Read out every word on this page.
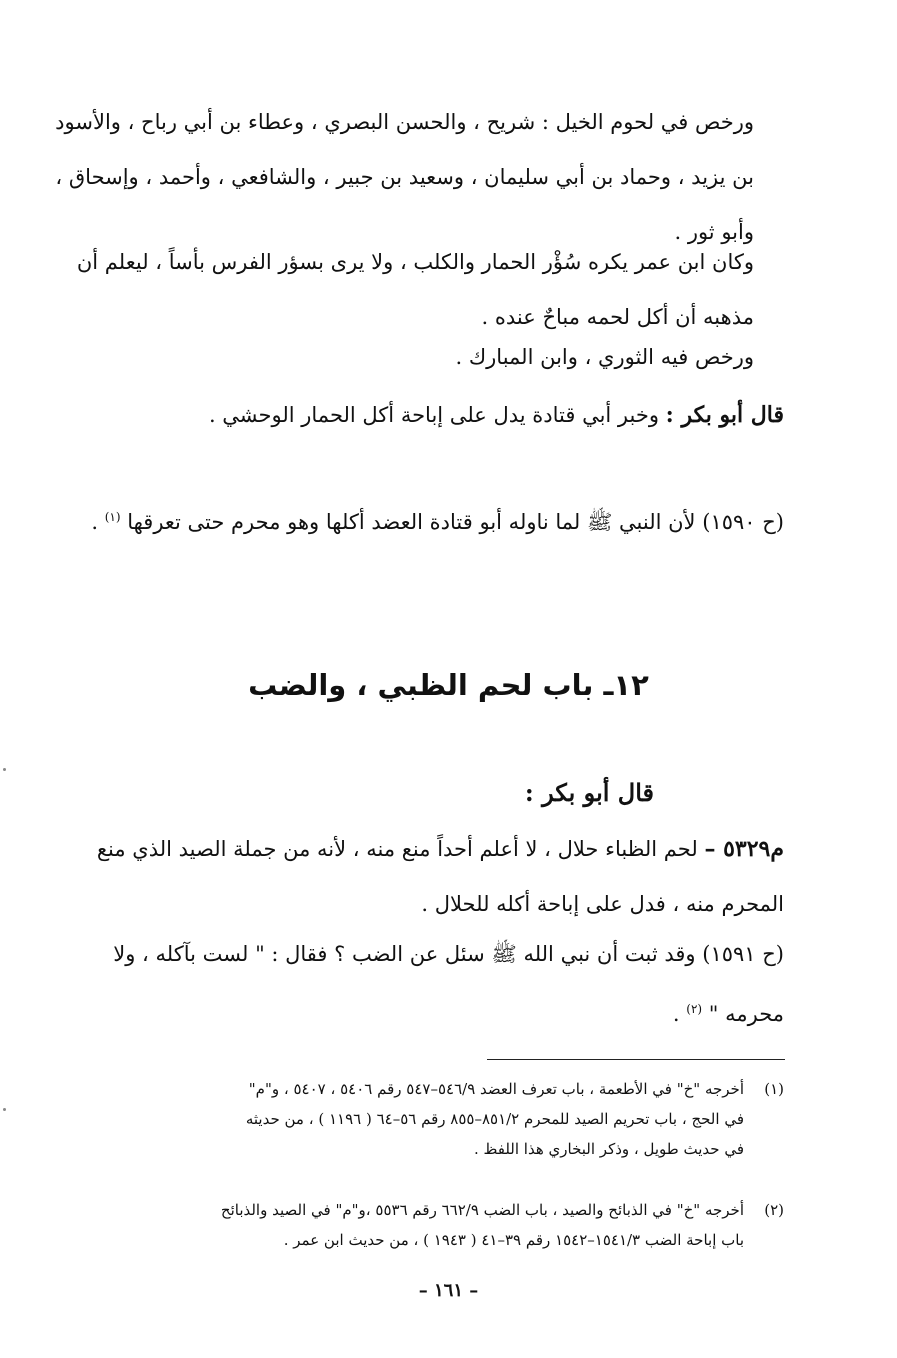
ورخص في لحوم الخيل : شريح ، والحسن البصري ، وعطاء بن أبي رباح ، والأسود بن يزيد ، وحماد بن أبي سليمان ، وسعيد بن جبير ، والشافعي ، وأحمد ، وإسحاق ، وأبو ثور .

وكان ابن عمر يكره سُؤْر الحمار والكلب ، ولا يرى بسؤر الفرس بأساً ، ليعلم أن مذهبه أن أكل لحمه مباحٌ عنده .

ورخص فيه الثوري ، وابن المبارك .

قال أبو بكر : وخبر أبي قتادة يدل على إباحة أكل الحمار الوحشي .

(ح ١٥٩٠) لأن النبي ﷺ لما ناوله أبو قتادة العضد أكلها وهو محرم حتى تعرقها $^{(١)}$ .

١٢ـ باب لحم الظبي ، والضب
قال أبو بكر :

م٥٣٢٩ – لحم الظباء حلال ، لا أعلم أحداً منع منه ، لأنه من جملة الصيد الذي منع المحرم منه ، فدل على إباحة أكله للحلال .

(ح ١٥٩١) وقد ثبت أن نبي الله ﷺ سئل عن الضب ؟ فقال : " لست بآكله ، ولا محرمه " $^{(٢)}$ .

(١)أخرجه "خ" في الأطعمة ، باب تعرف العضد ٥٤٦/٩–٥٤٧ رقم ٥٤٠٦ ، ٥٤٠٧ ، و"م"
في الحج ، باب تحريم الصيد للمحرم ٨٥١/٢–٨٥٥ رقم ٥٦–٦٤ ( ١١٩٦ ) ، من حديثه
في حديث طويل ، وذكر البخاري هذا اللفظ .
(٢)أخرجه "خ" في الذبائح والصيد ، باب الضب ٦٦٢/٩ رقم ٥٥٣٦ ،و"م" في الصيد والذبائح
باب إباحة الضب ١٥٤١/٣–١٥٤٢ رقم ٣٩–٤١ ( ١٩٤٣ ) ، من حديث ابن عمر .
– ١٦١ –
